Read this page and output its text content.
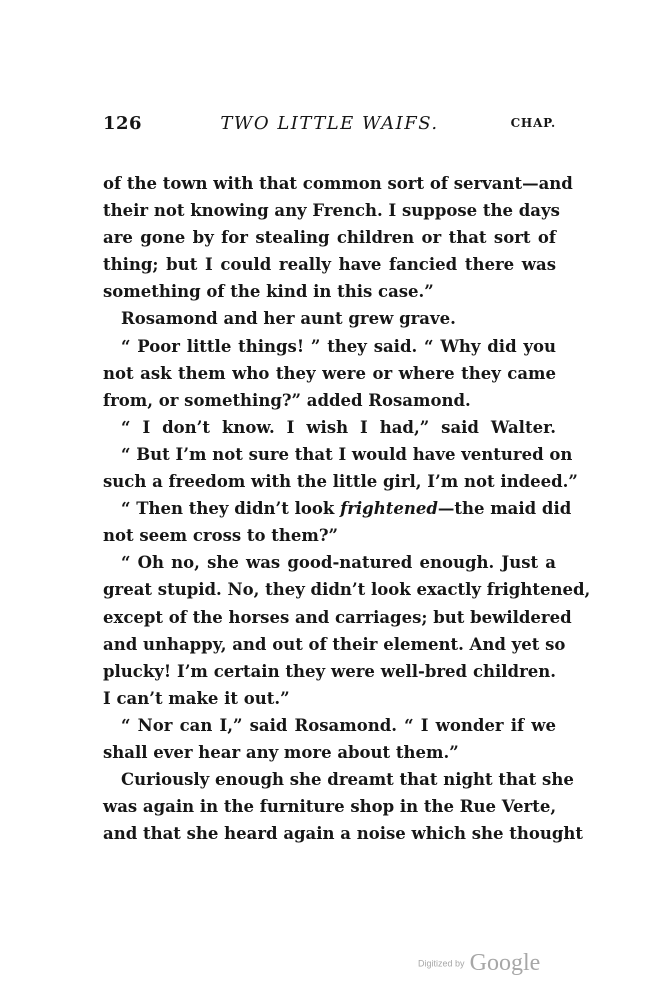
126	TWO LITTLE WAIFS.	CHAP.
of the town with that common sort of servant—and
their not knowing any French. I suppose the days
are gone by for stealing children or that sort of
thing; but I could really have fancied there was
something of the kind in this case.”
Rosamond and her aunt grew grave.
“ Poor little things! ” they said. “ Why did you
not ask them who they were or where they came
from, or something?” added Rosamond.
“ I don’t know. I wish I had,” said Walter.
“ But I’m not sure that I would have ventured on
such a freedom with the little girl, I’m not indeed.”
“ Then they didn’t look frightened—the maid did
not seem cross to them?”
“ Oh no, she was good-natured enough. Just a
great stupid. No, they didn’t look exactly frightened,
except of the horses and carriages; but bewildered
and unhappy, and out of their element. And yet so
plucky! I’m certain they were well-bred children.
I can’t make it out.”
“ Nor can I,” said Rosamond. “ I wonder if we
shall ever hear any more about them.”
Curiously enough she dreamt that night that she
was again in the furniture shop in the Rue Verte,
and that she heard again a noise which she thought
Digitized by Google
